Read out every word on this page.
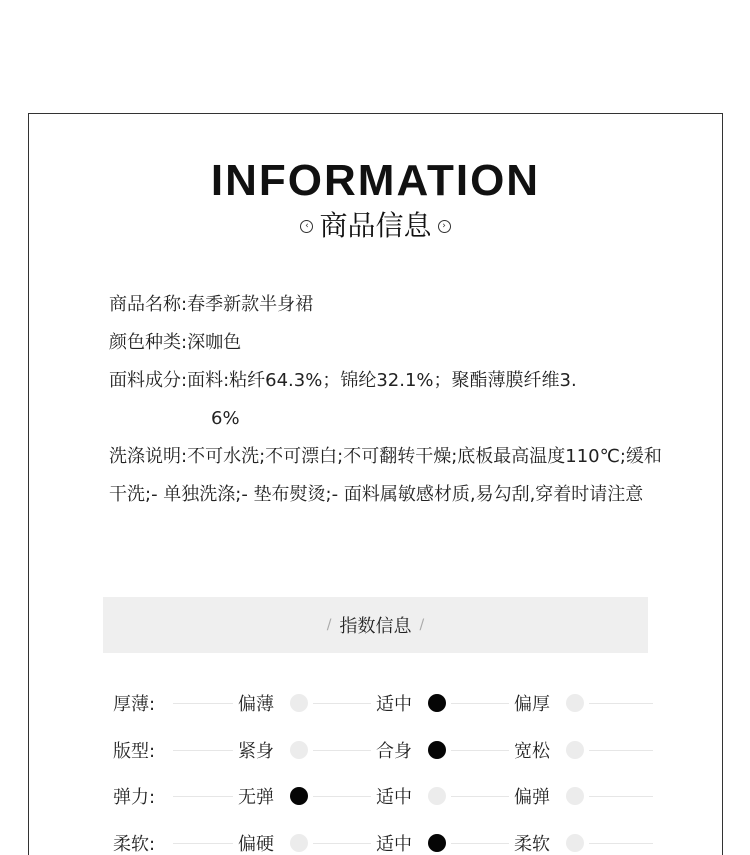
INFORMATION
‹ 商品信息	›
商品名称: 春季新款半身裙
颜色种类: 深咖色
面料成分: 面料:粘纤64.3%；锦纶32.1%；聚酯薄膜纤维3.
6%
洗涤说明:不可水洗;不可漂白;不可翻转干燥;底板最高温度110℃;缓和干洗;- 单独洗涤;- 垫布熨烫;- 面料属敏感材质,易勾刮,穿着时请注意
/ 指数信息 /
厚薄:	偏薄	适中	偏厚
版型:	紧身	合身	宽松
弹力:	无弹	适中	偏弹
柔软:	偏硬	适中	柔软
